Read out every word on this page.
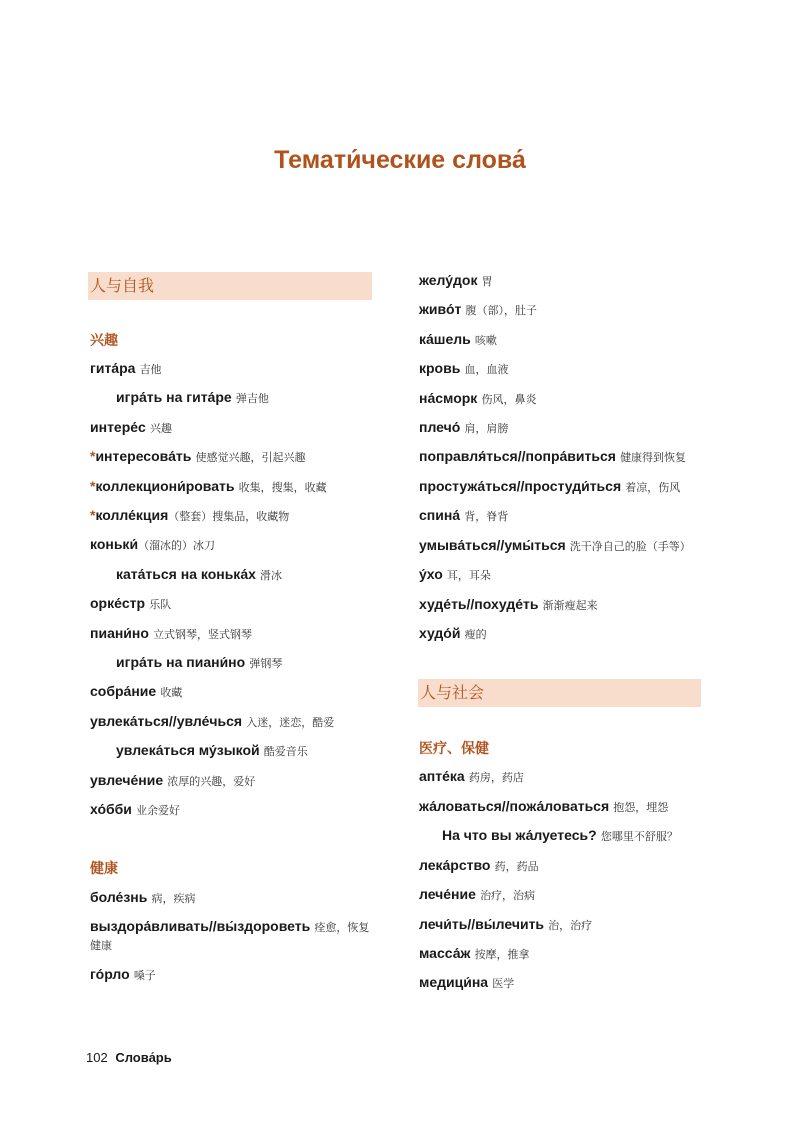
Темати́ческие слова́
人与自我
兴趣
гита́ра 吉他
игра́ть на гита́ре 弹吉他
интере́с 兴趣
*интересова́ть 使感觉兴趣，引起兴趣
*коллекциони́ровать 收集，搜集，收藏
*колле́кция（整套）搜集品，收藏物
коньки́（溜冰的）冰刀
ката́ться на конька́х 滑冰
орке́стр 乐队
пиани́но 立式钢琴，竖式钢琴
игра́ть на пиани́но 弹钢琴
собра́ние 收藏
увлека́ться//увле́чься 入迷，迷恋，酷爱
увлека́ться му́зыкой 酷爱音乐
увлече́ние 浓厚的兴趣，爱好
хо́бби 业余爱好
健康
боле́знь 病，疾病
выздора́вливать//вы́здороветь 痊愈，恢复健康
го́рло 嗓子
желу́док 胃
живо́т 腹（部），肚子
ка́шель 咳嗽
кровь 血，血液
на́сморк 伤风，鼻炎
плечо́ 肩，肩膀
поправля́ться//попра́виться 健康得到恢复
простужа́ться//простуди́ться 着凉，伤风
спина́ 背，脊背
умыва́ться//умы́ться 洗干净自己的脸（手等）
у́хо 耳，耳朵
худе́ть//похуде́ть 渐渐瘦起来
худо́й 瘦的
人与社会
医疗、保健
апте́ка 药房，药店
жа́ловаться//пожа́ловаться 抱怨，埋怨
На что вы жа́луетесь? 您哪里不舒服？
лека́рство 药，药品
лече́ние 治疗，治病
лечи́ть//вы́лечить 治，治疗
масса́ж 按摩，推拿
медици́на 医学
102 Слова́рь
